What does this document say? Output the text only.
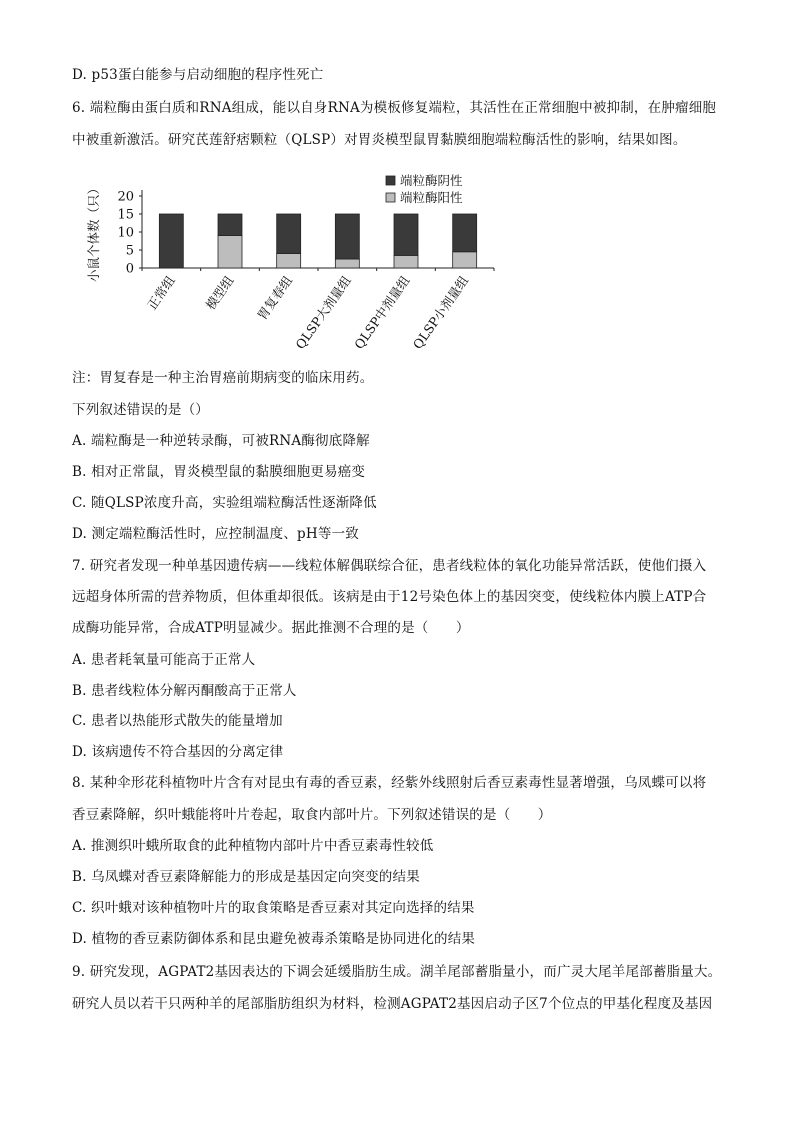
D. p53蛋白能参与启动细胞的程序性死亡
6. 端粒酶由蛋白质和RNA组成，能以自身RNA为模板修复端粒，其活性在正常细胞中被抑制，在肿瘤细胞
中被重新激活。研究芪莲舒痞颗粒（QLSP）对胃炎模型鼠胃黏膜细胞端粒酶活性的影响，结果如图。
小鼠个体数（只） 0
5
10
15
20
正常组 模型组 胃复春组
QLSP大剂量组
QLSP中剂量组
QLSP小剂量组
端粒酶阴性
端粒酶阳性
注：胃复春是一种主治胃癌前期病变的临床用药。
下列叙述错误的是（）
A. 端粒酶是一种逆转录酶，可被RNA酶彻底降解
B. 相对正常鼠，胃炎模型鼠的黏膜细胞更易癌变
C. 随QLSP浓度升高，实验组端粒酶活性逐渐降低
D. 测定端粒酶活性时，应控制温度、pH等一致
7. 研究者发现一种单基因遗传病——线粒体解偶联综合征，患者线粒体的氧化功能异常活跃，使他们摄入
远超身体所需的营养物质，但体重却很低。该病是由于12号染色体上的基因突变，使线粒体内膜上ATP合
成酶功能异常，合成ATP明显减少。据此推测不合理的是（　　）
A. 患者耗氧量可能高于正常人
B. 患者线粒体分解丙酮酸高于正常人
C. 患者以热能形式散失的能量增加
D. 该病遗传不符合基因的分离定律
8. 某种伞形花科植物叶片含有对昆虫有毒的香豆素，经紫外线照射后香豆素毒性显著增强，乌凤蝶可以将
香豆素降解，织叶蛾能将叶片卷起，取食内部叶片。下列叙述错误的是（　　）
A. 推测织叶蛾所取食的此种植物内部叶片中香豆素毒性较低
B. 乌凤蝶对香豆素降解能力的形成是基因定向突变的结果
C. 织叶蛾对该种植物叶片的取食策略是香豆素对其定向选择的结果
D. 植物的香豆素防御体系和昆虫避免被毒杀策略是协同进化的结果
9. 研究发现，AGPAT2基因表达的下调会延缓脂肪生成。湖羊尾部蓄脂量小，而广灵大尾羊尾部蓄脂量大。
研究人员以若干只两种羊的尾部脂肪组织为材料，检测AGPAT2基因启动子区7个位点的甲基化程度及基因
